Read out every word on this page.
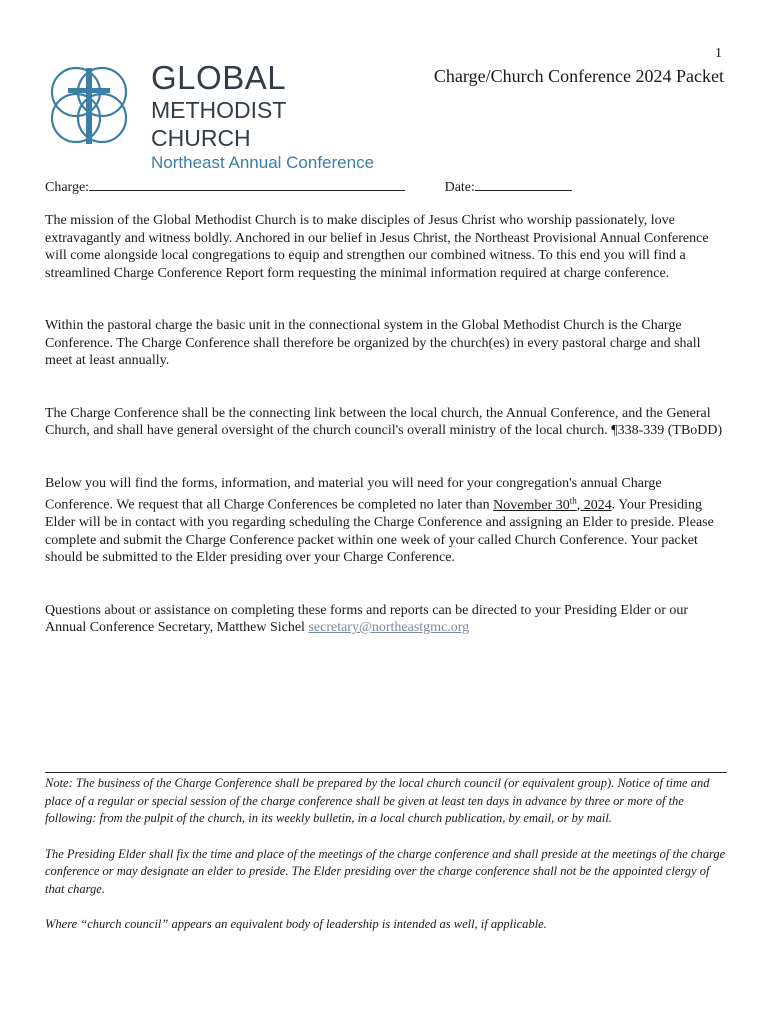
1
GLOBAL
METHODIST CHURCH
Northeast Annual Conference
Charge/Church Conference 2024 Packet
Charge:	Date:

The mission of the Global Methodist Church is to make disciples of Jesus Christ who worship passionately, love extravagantly and witness boldly. Anchored in our belief in Jesus Christ, the Northeast Provisional Annual Conference will come alongside local congregations to equip and strengthen our combined witness. To this end you will find a streamlined Charge Conference Report form requesting the minimal information required at charge conference.

Within the pastoral charge the basic unit in the connectional system in the Global Methodist Church is the Charge Conference. The Charge Conference shall therefore be organized by the church(es) in every pastoral charge and shall meet at least annually.

The Charge Conference shall be the connecting link between the local church, the Annual Conference, and the General Church, and shall have general oversight of the church council's overall ministry of the local church. ¶338-339 (TBoDD)

Below you will find the forms, information, and material you will need for your congregation's annual Charge Conference. We request that all Charge Conferences be completed no later than November 30th, 2024. Your Presiding Elder will be in contact with you regarding scheduling the Charge Conference and assigning an Elder to preside. Please complete and submit the Charge Conference packet within one week of your called Church Conference. Your packet should be submitted to the Elder presiding over your Charge Conference.

Questions about or assistance on completing these forms and reports can be directed to your Presiding Elder or our Annual Conference Secretary, Matthew Sichel secretary@northeastgmc.org

Note: The business of the Charge Conference shall be prepared by the local church council (or equivalent group). Notice of time and place of a regular or special session of the charge conference shall be given at least ten days in advance by three or more of the following: from the pulpit of the church, in its weekly bulletin, in a local church publication, by email, or by mail.

The Presiding Elder shall fix the time and place of the meetings of the charge conference and shall preside at the meetings of the charge conference or may designate an elder to preside. The Elder presiding over the charge conference shall not be the appointed clergy of that charge.

Where “church council” appears an equivalent body of leadership is intended as well, if applicable.
